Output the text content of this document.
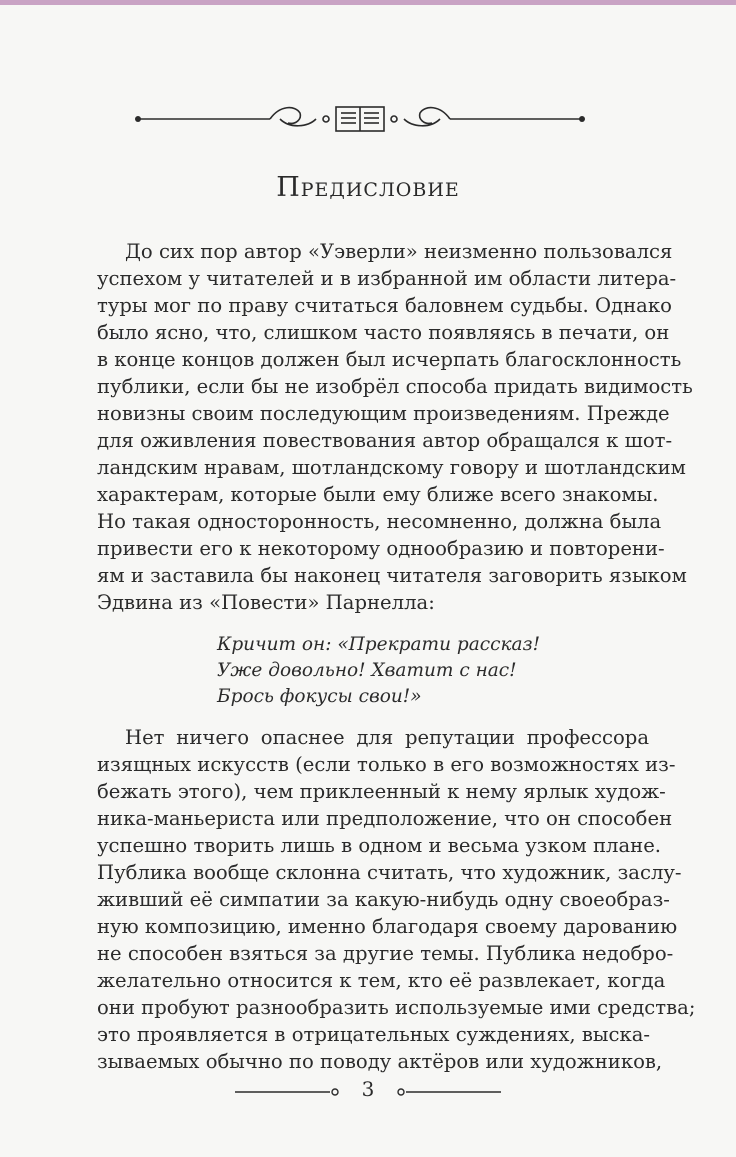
Предисловие
До сих пор автор «Уэверли» неизменно пользовался
успехом у читателей и в избранной им области литера-
туры мог по праву считаться баловнем судьбы. Однако
было ясно, что, слишком часто появляясь в печати, он
в конце концов должен был исчерпать благосклонность
публики, если бы не изобрёл способа придать видимость
новизны своим последующим произведениям. Прежде
для оживления повествования автор обращался к шот-
ландским нравам, шотландскому говору и шотландским
характерам, которые были ему ближе всего знакомы.
Но такая односторонность, несомненно, должна была
привести его к некоторому однообразию и повторени-
ям и заставила бы наконец читателя заговорить языком
Эдвина из «Повести» Парнелла:
Кричит он: «Прекрати рассказ!
Уже довольно! Хватит с нас!
Брось фокусы свои!»
Нет ничего опаснее для репутации профессора
изящных искусств (если только в его возможностях из-
бежать этого), чем приклеенный к нему ярлык худож-
ника-маньериста или предположение, что он способен
успешно творить лишь в одном и весьма узком плане.
Публика вообще склонна считать, что художник, заслу-
живший её симпатии за какую-нибудь одну своеобраз-
ную композицию, именно благодаря своему дарованию
не способен взяться за другие темы. Публика недобро-
желательно относится к тем, кто её развлекает, когда
они пробуют разнообразить используемые ими средства;
это проявляется в отрицательных суждениях, выска-
зываемых обычно по поводу актёров или художников,
3
